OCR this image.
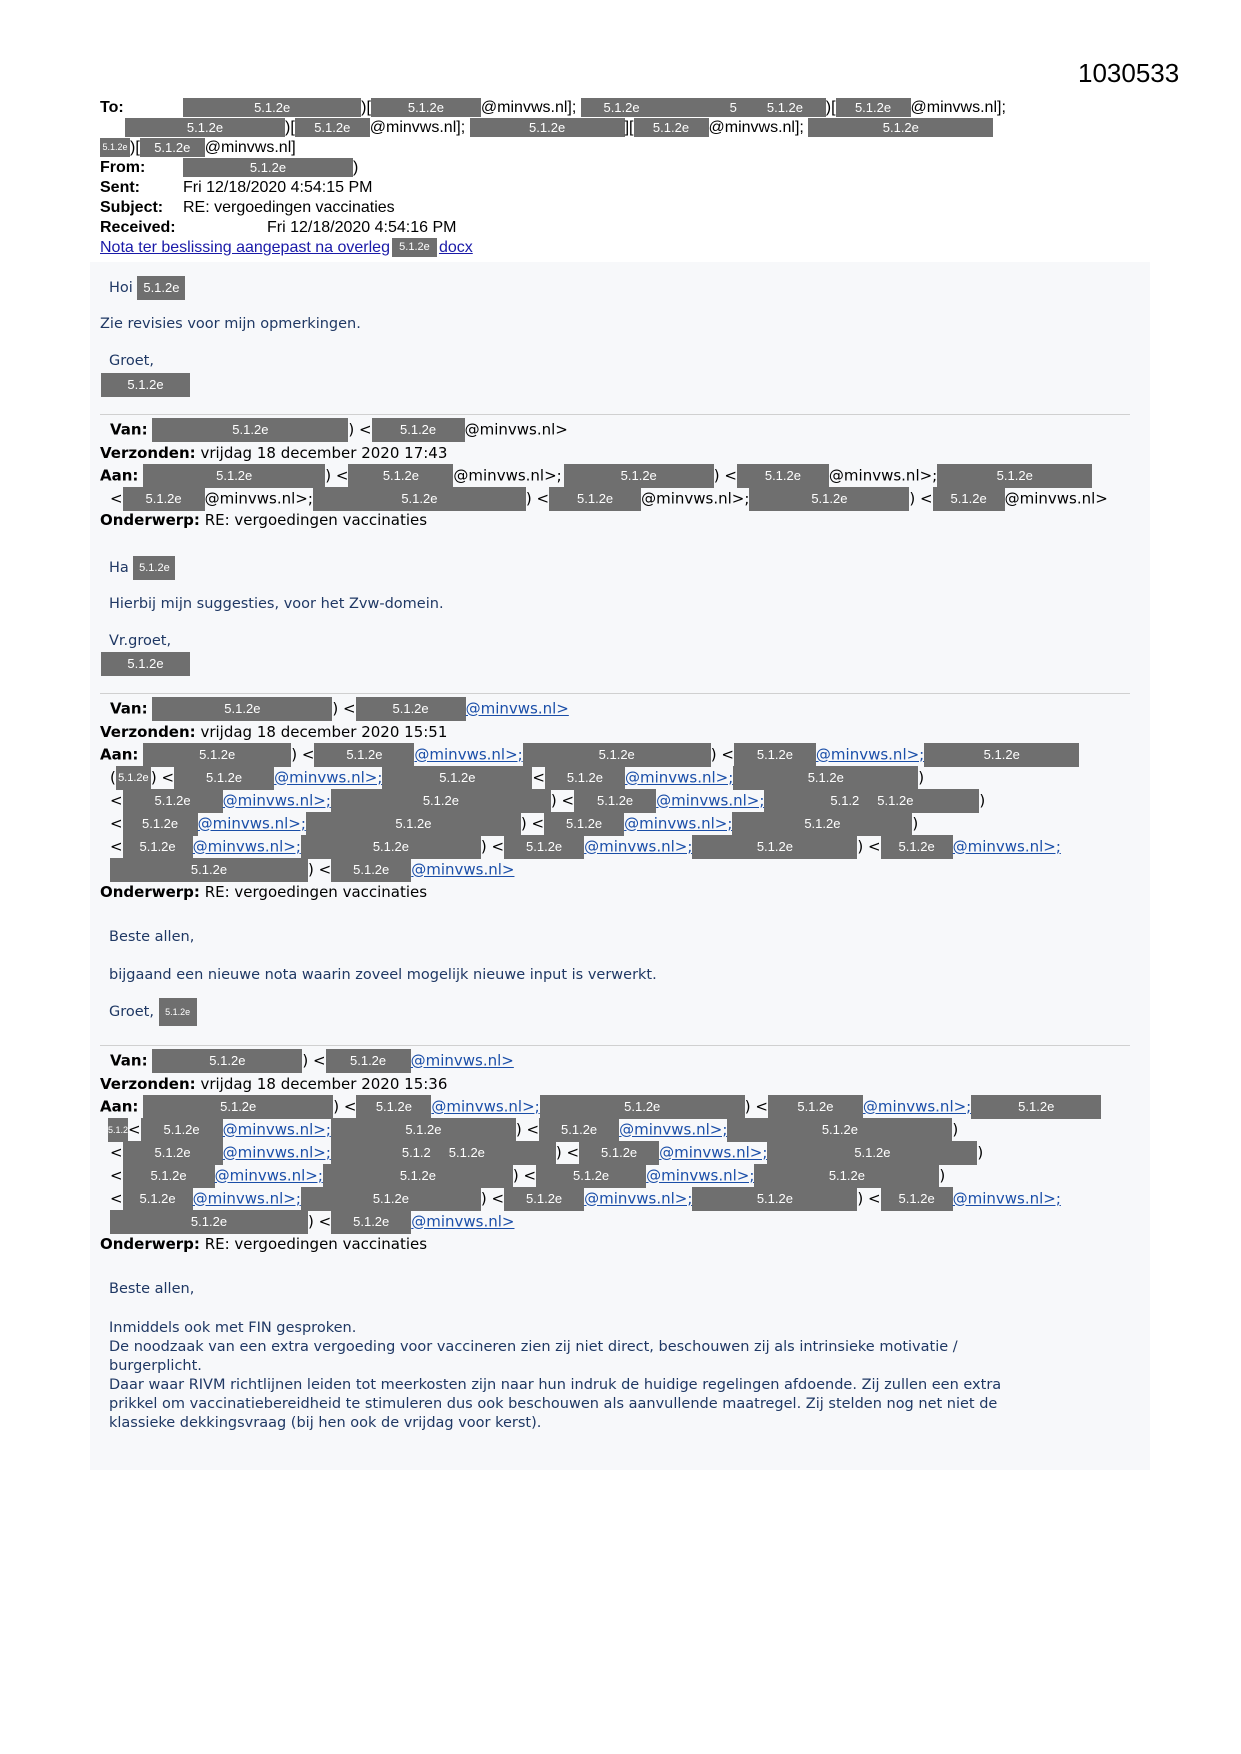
1030533
To:	5.1.2e	)[	5.1.2e @minvws.nl]; 5.1.2e	5 5.1.2e )[ 5.1.2e @minvws.nl];
5.1.2e	)[ 5.1.2e @minvws.nl];	5.1.2e	][ 5.1.2e @minvws.nl];	5.1.2e
5.1.2e )[ 5.1.2e @minvws.nl]
From:	5.1.2e	)
Sent:	Fri 12/18/2020 4:54:15 PM
Subject: RE: vergoedingen vaccinaties
Received:	Fri 12/18/2020 4:54:16 PM
Nota ter beslissing aangepast na overleg 5.1.2e docx
Hoi 5.1.2e
Zie revisies voor mijn opmerkingen.
Groet,
5.1.2e
Van:	5.1.2e	) < 5.1.2e @minvws.nl>
Verzonden: vrijdag 18 december 2020 17:43
Aan:	5.1.2e	) <	5.1.2e @minvws.nl>;	5.1.2e	) < 5.1.2e @minvws.nl>;	5.1.2e
< 5.1.2e @minvws.nl>;	5.1.2e	) < 5.1.2e @minvws.nl>;	5.1.2e	) < 5.1.2e @minvws.nl>
Onderwerp: RE: vergoedingen vaccinaties
Ha 5.1.2e
Hierbij mijn suggesties, voor het Zvw-domein.
Vr.groet,
5.1.2e
Van:	5.1.2e	) <	5.1.2e @minvws.nl>
Verzonden: vrijdag 18 december 2020 15:51
Aan:	5.1.2e	) < 5.1.2e @minvws.nl>;	5.1.2e	) < 5.1.2e @minvws.nl>;	5.1.2e
( 5.1.2e ) < 5.1.2e @minvws.nl>;	5.1.2e	< 5.1.2e @minvws.nl>;	5.1.2e	)
< 5.1.2e @minvws.nl>;	5.1.2e	) < 5.1.2e @minvws.nl>;	5.1.2 5.1.2e	)
< 5.1.2e @minvws.nl>;	5.1.2e	) < 5.1.2e @minvws.nl>;	5.1.2e	)
< 5.1.2e @minvws.nl>;	5.1.2e	) < 5.1.2e @minvws.nl>;	5.1.2e	) < 5.1.2e @minvws.nl>;
5.1.2e	) < 5.1.2e @minvws.nl>
Onderwerp: RE: vergoedingen vaccinaties
Beste allen,
bijgaand een nieuwe nota waarin zoveel mogelijk nieuwe input is verwerkt.
Groet, 5.1.2e
Van:	5.1.2e	) < 5.1.2e @minvws.nl>
Verzonden: vrijdag 18 december 2020 15:36
Aan:	5.1.2e	) < 5.1.2e @minvws.nl>;	5.1.2e	) < 5.1.2e @minvws.nl>;	5.1.2e
5.1.2e< 5.1.2e @minvws.nl>;	5.1.2e	) < 5.1.2e @minvws.nl>;	5.1.2e	)
< 5.1.2e @minvws.nl>;	5.1.2 5.1.2e	) < 5.1.2e @minvws.nl>;	5.1.2e	)
< 5.1.2e @minvws.nl>;	5.1.2e	) <	5.1.2e @minvws.nl>;	5.1.2e	)
< 5.1.2e @minvws.nl>;	5.1.2e	) < 5.1.2e @minvws.nl>;	5.1.2e	) < 5.1.2e @minvws.nl>;
5.1.2e	) < 5.1.2e @minvws.nl>
Onderwerp: RE: vergoedingen vaccinaties
Beste allen,
Inmiddels ook met FIN gesproken.
De noodzaak van een extra vergoeding voor vaccineren zien zij niet direct, beschouwen zij als intrinsieke motivatie /
burgerplicht.
Daar waar RIVM richtlijnen leiden tot meerkosten zijn naar hun indruk de huidige regelingen afdoende. Zij zullen een extra
prikkel om vaccinatiebereidheid te stimuleren dus ook beschouwen als aanvullende maatregel. Zij stelden nog net niet de
klassieke dekkingsvraag (bij hen ook de vrijdag voor kerst).
